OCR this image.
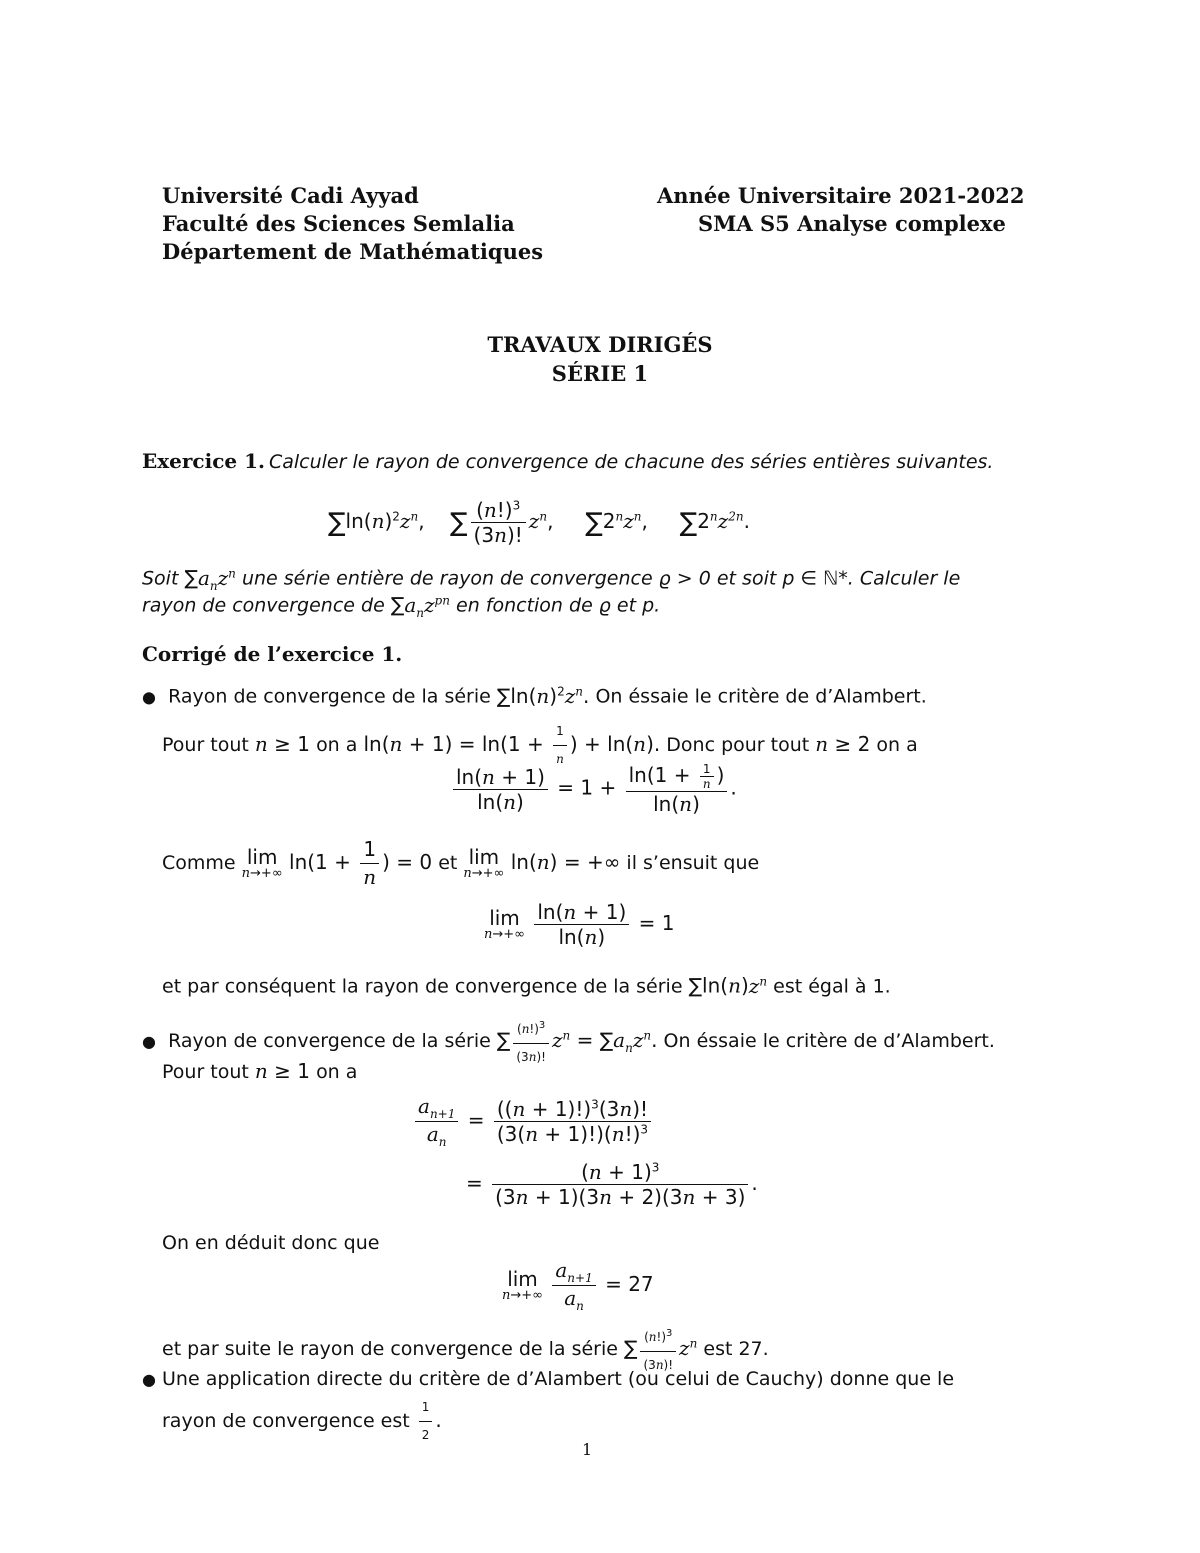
Université Cadi Ayyad
Faculté des Sciences Semlalia
Département de Mathématiques
Année Universitaire 2021-2022
SMA S5 Analyse complexe
TRAVAUX DIRIGÉS
SÉRIE 1
Exercice 1. Calculer le rayon de convergence de chacune des séries entières suivantes.
$\sum\ln(n)^2z^n$,    ∑ $\frac{(n!)^3}{(3n)!} z^n$,     $\sum 2^nz^n$,     $\sum 2^nz^{2n}$.
Soit $\sum a_nz^n$ une série entière de rayon de convergence ϱ > 0 et soit p ∈ ℕ*. Calculer le
rayon de convergence de $\sum a_nz^{pn}$ en fonction de ϱ et p.
Corrigé de l’exercice 1.
● Rayon de convergence de la série $\sum\ln(n)^2z^n$. On éssaie le critère de d’Alambert.
Pour tout n ≥ 1 on a $\ln(n + 1) = \ln(1 + \frac{1}{n}$ ) + ln(n). Donc pour tout n ≥ 2 on a
$\frac{\ln(n + 1)}{\ln(n)} = 1 + \frac{\ln(1 + \frac{1}{n} )}{\ln(n)}$ .
Comme lim
n→+∞ $\ln(1 + \frac{1}{n}$ ) = 0 et lim
n→+∞ ln(n) = +∞ il s’ensuit que
lim
n→+∞
$\frac{\ln(n + 1)}{\ln(n)} = 1$
et par conséquent la rayon de convergence de la série $\sum\ln(n)z^n$ est égal à 1.
● Rayon de convergence de la série ∑ $\frac{(n!)^3}{(3n)!} z^n = \sum a_nz^n$. On éssaie le critère de d’Alambert.
Pour tout n ≥ 1 on a
$\frac{a_{n+1}}{a_n} = \frac{((n + 1)!)^3(3n)!}{(3(n + 1)!)(n!)^3}$
= $\frac{(n + 1)^3}{(3n + 1)(3n + 2)(3n + 3)}$ .
On en déduit donc que
lim
n→+∞
$\frac{a_{n+1}}{a_n} = 27$
et par suite le rayon de convergence de la série ∑ $\frac{(n!)^3}{(3n)!} z^n$ est 27.
● Une application directe du critère de d’Alambert (ou celui de Cauchy) donne que le
rayon de convergence est $\frac{1}{2}$ .
1
